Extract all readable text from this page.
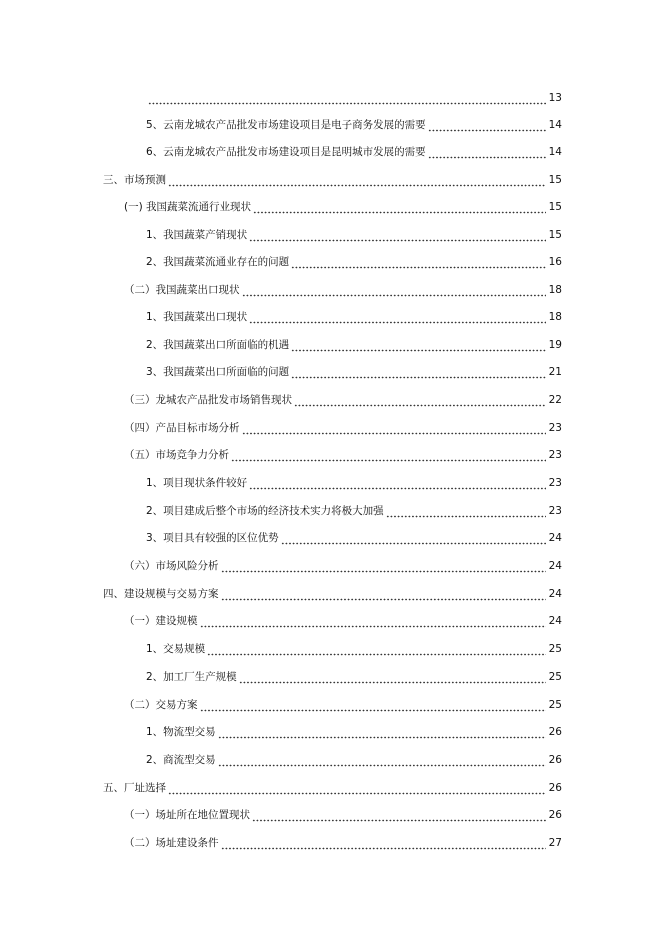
13
5、云南龙城农产品批发市场建设项目是电子商务发展的需要	14
6、云南龙城农产品批发市场建设项目是昆明城市发展的需要	14
三、市场预测	15
(一) 我国蔬菜流通行业现状	15
1、我国蔬菜产销现状	15
2、我国蔬菜流通业存在的问题	16
（二）我国蔬菜出口现状	18
1、我国蔬菜出口现状	18
2、我国蔬菜出口所面临的机遇	19
3、我国蔬菜出口所面临的问题	21
（三）龙城农产品批发市场销售现状	22
（四）产品目标市场分析	23
（五）市场竞争力分析	23
1、项目现状条件较好	23
2、项目建成后整个市场的经济技术实力将极大加强	23
3、项目具有较强的区位优势	24
（六）市场风险分析	24
四、建设规模与交易方案	24
（一）建设规模	24
1、交易规模	25
2、加工厂生产规模	25
（二）交易方案	25
1、物流型交易	26
2、商流型交易	26
五、厂址选择	26
（一）场址所在地位置现状	26
（二）场址建设条件	27
